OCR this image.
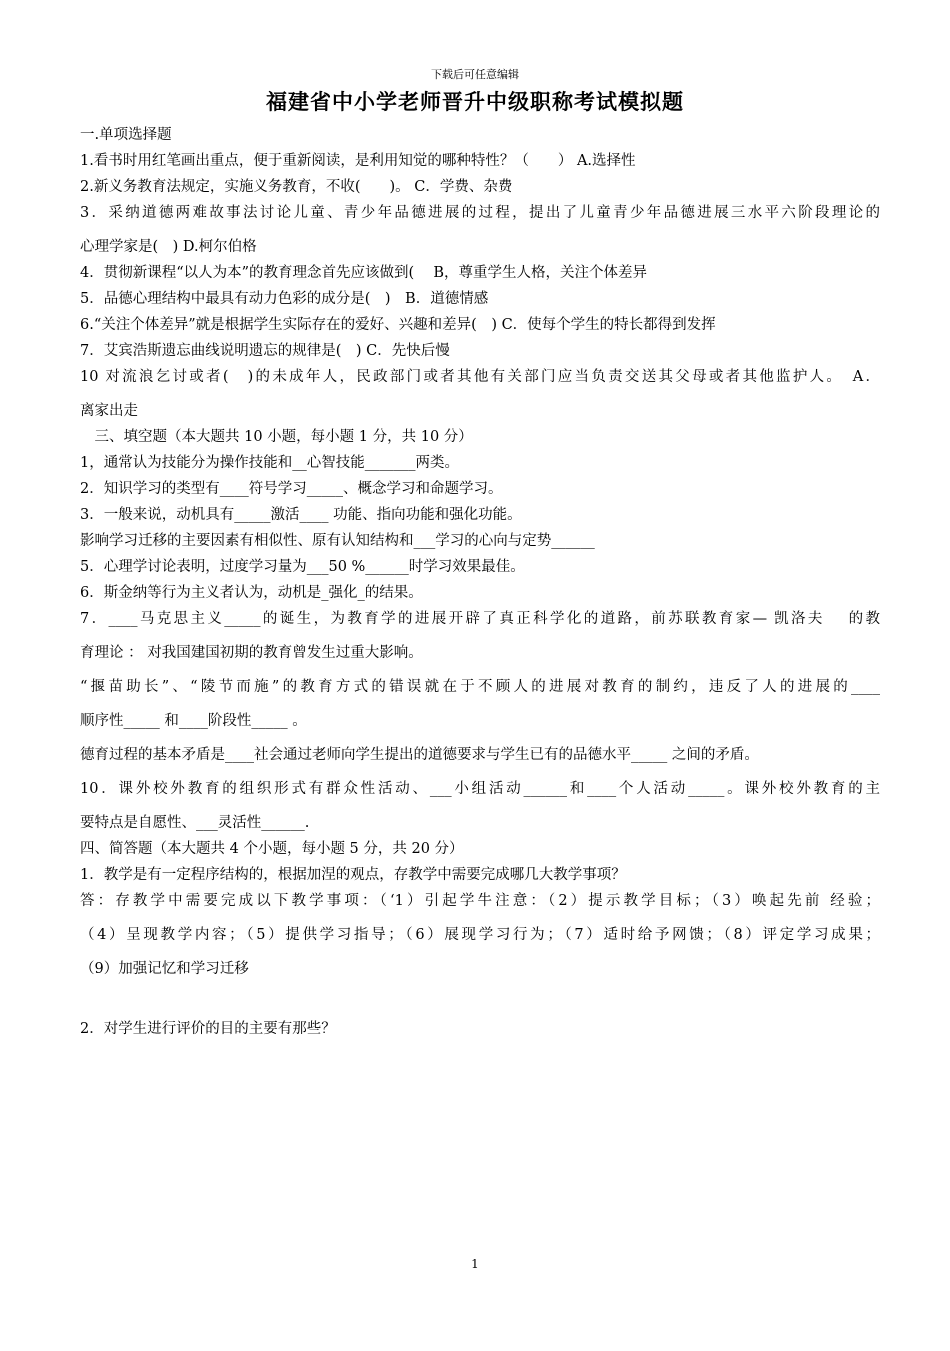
下载后可任意编辑
福建省中小学老师晋升中级职称考试模拟题
一.单项选择题
1.看书时用红笔画出重点，便于重新阅读，是利用知觉的哪种特性？（　　） A.选择性
2.新义务教育法规定，实施义务教育，不收(　　)。 C．学费、杂费
3．采纳道德两难故事法讨论儿童、青少年品德进展的过程，提出了儿童青少年品德进展三水平六阶段理论的
心理学家是(　) D.柯尔伯格
4．贯彻新课程“以人为本”的教育理念首先应该做到(　 B，尊重学生人格，关注个体差异
5．品德心理结构中最具有动力色彩的成分是(　)　B．道德情感
6.“关注个体差异”就是根据学生实际存在的爱好、兴趣和差异(　) C．使每个学生的特长都得到发挥
7．艾宾浩斯遗忘曲线说明遗忘的规律是(　) C．先快后慢
10 对流浪乞讨或者(　)的未成年人，民政部门或者其他有关部门应当负责交送其父母或者其他监护人。　A．
离家出走
　三、填空题（本大题共 10 小题，每小题 1 分，共 10 分）
1，通常认为技能分为操作技能和__心智技能_______两类。
2．知识学习的类型有____符号学习_____、概念学习和命题学习。
3．一般来说，动机具有_____激活____ 功能、指向功能和强化功能。
影响学习迁移的主要因素有相似性、原有认知结构和___学习的心向与定势______
5．心理学讨论表明，过度学习量为___50 %______时学习效果最佳。
6．斯金纳等行为主义者认为，动机是_强化_的结果。
7．____马克思主义_____的诞生，为教育学的进展开辟了真正科学化的道路，前苏联教育家— 凯洛夫　 的教
育理论 ： 对我国建国初期的教育曾发生过重大影响。
“揠苗助长”、“陵节而施”的教育方式的错误就在于不顾人的进展对教育的制约，违反了人的进展的____
顺序性_____ 和____阶段性_____ 。
德育过程的基本矛盾是____社会通过老师向学生提出的道德要求与学生已有的品德水平_____ 之间的矛盾。
10．课外校外教育的组织形式有群众性活动、___小组活动______和____个人活动_____。课外校外教育的主
要特点是自愿性、___灵活性______.
四、简答题（本大题共 4 个小题，每小题 5 分，共 20 分）
1．教学是有一定程序结构的，根据加涅的观点，存教学中需要完成哪几大教学事项？
答：存教学中需要完成以下教学事项：（‘1）引起学牛注意：（2）提示教学目标；（3）唤起先前 经验；
（4）呈现教学内容；（5）提供学习指导；（6）展现学习行为；（7）适时给予网馈；（8）评定学习成果；
（9）加强记忆和学习迁移
2．对学生进行评价的目的主要有那些？
1
